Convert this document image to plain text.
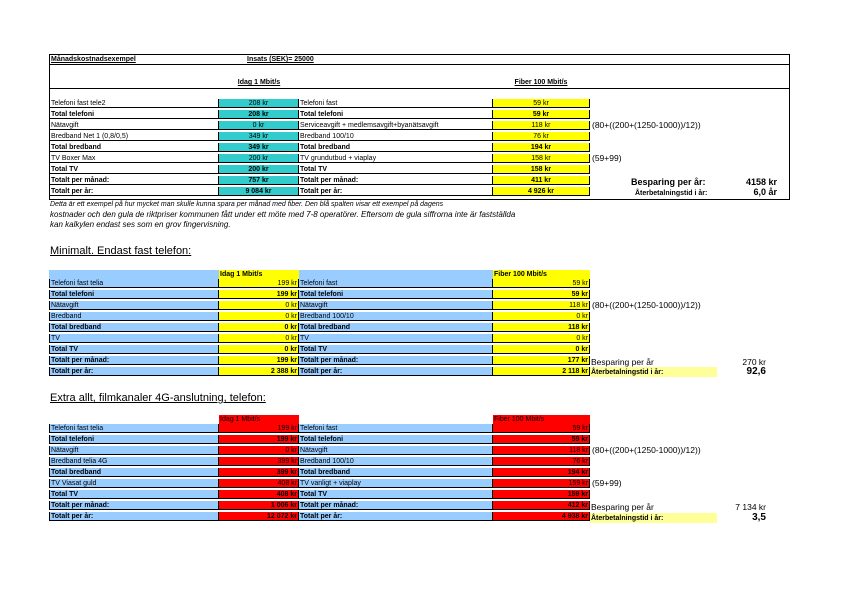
Månadskostnadsexempel	Insats (SEK)= 25000
Idag 1 Mbit/s	Fiber 100 Mbit/s
Telefoni fast tele2	208 kr	Telefoni fast	59 kr
Total telefoni	208 kr	Total telefoni	59 kr
Nätavgift	0 kr	Serviceavgift + medlemsavgift+byanätsavgift	118 kr	(80+((200+(1250-1000))/12))
Bredband Net 1 (0,8/0,5)	349 kr	Bredband 100/10	76 kr
Total bredband	349 kr	Total bredband	194 kr
TV Boxer Max	200 kr	TV grundutbud + viaplay	158 kr	(59+99)
Total TV	200 kr	Total TV	158 kr
Totalt per månad:	757 kr	Totalt per månad:	411 kr
Totalt per år:	9 084 kr	Totalt per år:	4 926 kr
Besparing per år:	4158 kr
Återbetalningstid i år:	6,0 år
Detta är ett exempel på hur mycket man skulle kunna spara per månad med fiber. Den blå spalten visar ett exempel på dagens
kostnader och den gula de riktpriser kommunen fått under ett möte med 7-8 operatörer. Eftersom de gula siffrorna inte är fastställda
kan kalkylen endast ses som en grov fingervisning.
Minimalt. Endast fast telefon:
Idag 1 Mbit/s	Fiber 100 Mbit/s
Telefoni fast telia	199 kr Telefoni fast	59 kr
Total telefoni	199 kr Total telefoni	59 kr
Nätavgift	0 kr Nätavgift	118 kr (80+((200+(1250-1000))/12))
Bredband	0 kr Bredband 100/10	0 kr
Total bredband	0 kr Total bredband	118 kr
TV	0 kr TV	0 kr
Total TV	0 kr Total TV	0 kr
Totalt per månad:	199 kr Totalt per månad:	177 kr
Totalt per år:	2 388 kr Totalt per år:	2 118 kr
Besparing per år	270 kr
Återbetalningstid i år:	92,6
Extra allt, filmkanaler 4G-anslutning, telefon:
Idag 1 Mbit/s	Fiber 100 Mbit/s
Telefoni fast telia	199 kr Telefoni fast	59 kr
Total telefoni	199 kr Total telefoni	59 kr
Nätavgift	0 kr Nätavgift	118 kr (80+((200+(1250-1000))/12))
Bredband telia 4G	399 kr Bredband 100/10	76 kr
Total bredband	399 kr Total bredband	194 kr
TV Viasat guld	408 kr TV vanligt + viaplay	159 kr (59+99)
Total TV	408 kr Total TV	159 kr
Totalt per månad:	1 006 kr Totalt per månad:	412 kr
Totalt per år:	12 072 kr Totalt per år:	4 938 kr
Besparing per år	7 134 kr
Återbetalningstid i år:	3,5
